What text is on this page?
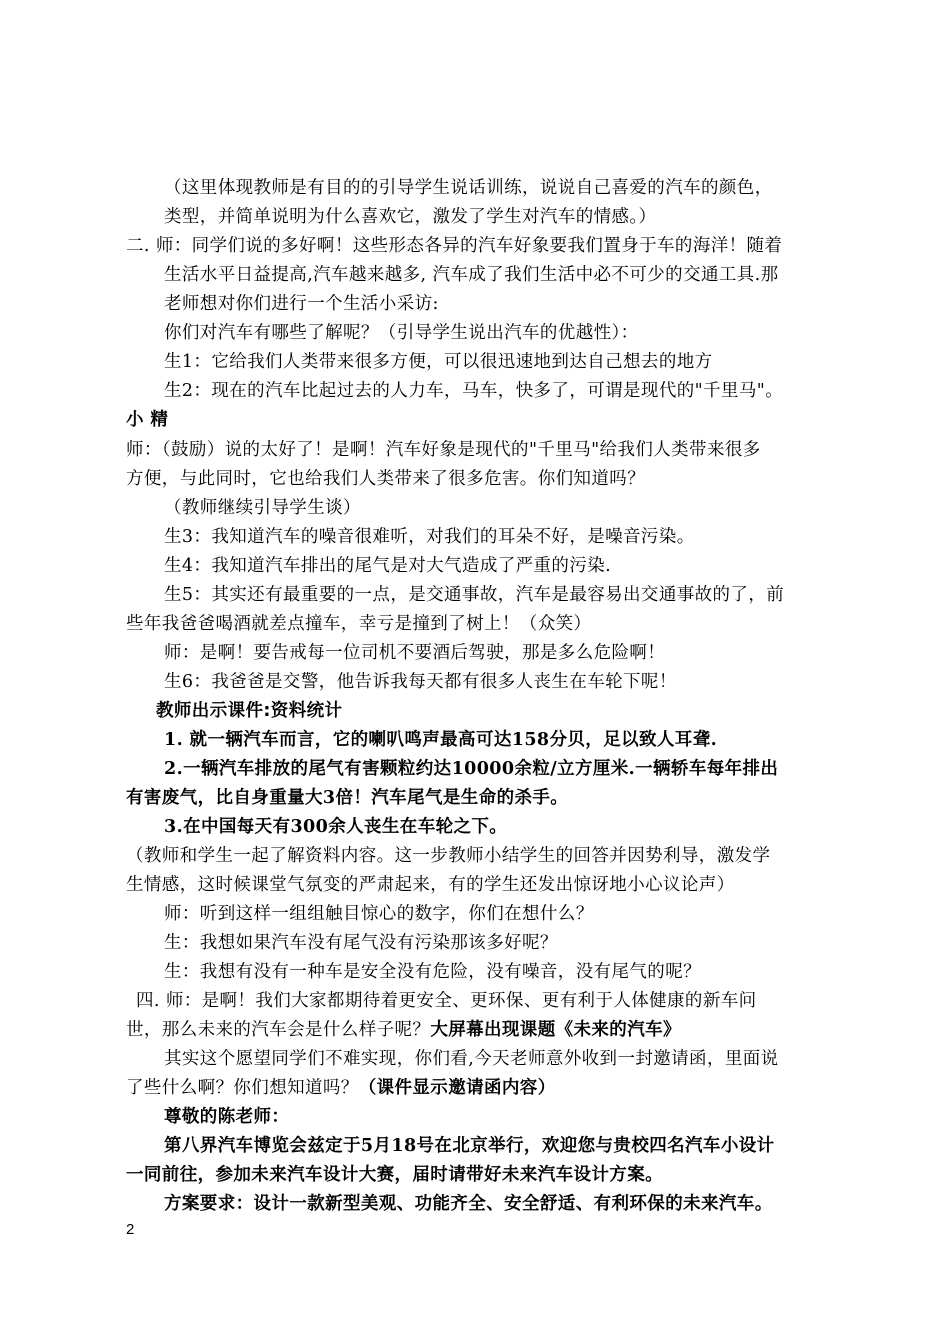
（这里体现教师是有目的的引导学生说话训练，说说自己喜爱的汽车的颜色，
类型，并简单说明为什么喜欢它，激发了学生对汽车的情感。）
二. 师：同学们说的多好啊！这些形态各异的汽车好象要我们置身于车的海洋！随着
生活水平日益提高,汽车越来越多, 汽车成了我们生活中必不可少的交通工具.那
老师想对你们进行一个生活小采访:
你们对汽车有哪些了解呢？（引导学生说出汽车的优越性）：
生1：它给我们人类带来很多方便，可以很迅速地到达自己想去的地方
生2：现在的汽车比起过去的人力车，马车，快多了，可谓是现代的"千里马"。
小 精
师：（鼓励）说的太好了！是啊！汽车好象是现代的"千里马"给我们人类带来很多
方便，与此同时，它也给我们人类带来了很多危害。你们知道吗？
（教师继续引导学生谈）
生3：我知道汽车的噪音很难听，对我们的耳朵不好，是噪音污染。
生4：我知道汽车排出的尾气是对大气造成了严重的污染.
生5：其实还有最重要的一点，是交通事故，汽车是最容易出交通事故的了，前
些年我爸爸喝酒就差点撞车，幸亏是撞到了树上！（众笑）
师：是啊！要告戒每一位司机不要酒后驾驶，那是多么危险啊！
生6：我爸爸是交警，他告诉我每天都有很多人丧生在车轮下呢！
教师出示课件:资料统计
1. 就一辆汽车而言，它的喇叭鸣声最高可达158分贝，足以致人耳聋.
2.一辆汽车排放的尾气有害颗粒约达10000余粒/立方厘米.一辆轿车每年排出
有害废气，比自身重量大3倍！汽车尾气是生命的杀手。
3.在中国每天有300余人丧生在车轮之下。
（教师和学生一起了解资料内容。这一步教师小结学生的回答并因势利导，激发学
生情感，这时候课堂气氛变的严肃起来，有的学生还发出惊讶地小心议论声）
师：听到这样一组组触目惊心的数字，你们在想什么？
生：我想如果汽车没有尾气没有污染那该多好呢？
生：我想有没有一种车是安全没有危险，没有噪音，没有尾气的呢？
四. 师：是啊！我们大家都期待着更安全、更环保、更有利于人体健康的新车问
世，那么未来的汽车会是什么样子呢？大屏幕出现课题《未来的汽车》
其实这个愿望同学们不难实现，你们看,今天老师意外收到一封邀请函，里面说
了些什么啊？你们想知道吗？（课件显示邀请函内容）
尊敬的陈老师：
第八界汽车博览会兹定于5月18号在北京举行，欢迎您与贵校四名汽车小设计
一同前往，参加未来汽车设计大赛，届时请带好未来汽车设计方案。
方案要求：设计一款新型美观、功能齐全、安全舒适、有利环保的未来汽车。
2
